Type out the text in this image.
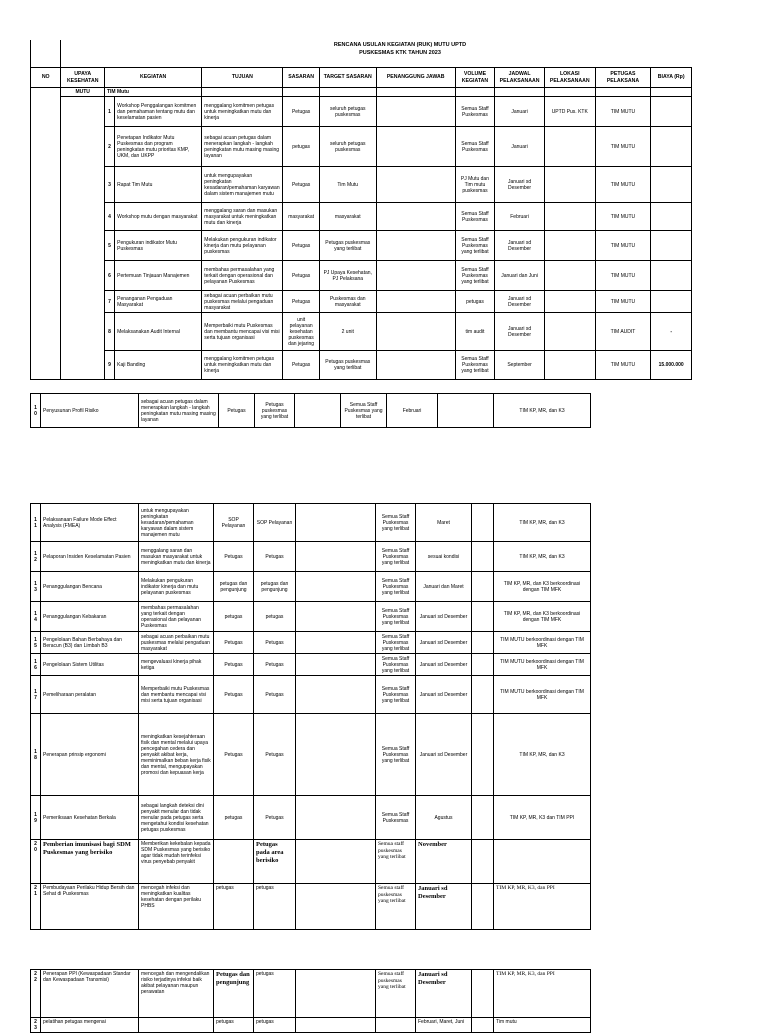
RENCANA USULAN KEGIATAN (RUK) MUTU UPTD
PUSKESMAS KTK TAHUN 2023
NO	UPAYA KESEHATAN	KEGIATAN		TUJUAN	SASARAN	TARGET SASARAN	PENANGGUNG JAWAB	VOLUME KEGIATAN	JADWAL PELAKSANAAN	LOKASI PELAKSANAAN	PETUGAS PELAKSANA	BIAYA (Rp)
	MUTU	TIM Mutu										
		1	Workshop Penggalangan komitmen dan pemahaman tentang mutu dan keselamatan pasien	menggalang komitmen petugas untuk meningkatkan mutu dan kinerja	Petugas	seluruh petugas puskesmas		Semua Staff Puskesmas	Januari	UPTD Pus. KTK	TIM MUTU	
		2	Penetapan Indikator Mutu Puskesmas dan program peningkatan mutu prioritas KMP, UKM, dan UKPP	sebagai acuan petugas dalam menerapkan langkah - langkah peningkatan mutu masing masing layanan	petugas	seluruh petugas puskesmas		Semua Staff Puskesmas	Januari		TIM MUTU	
		3	Rapat Tim Mutu	untuk mengupayakan peningkatan kesadaran/pemahaman karyawan dalam sistem manajemen mutu	Petugas	Tim Mutu		PJ Mutu dan Tim mutu puskesmas	Januari sd Desember		TIM MUTU	
		4	Workshop mutu dengan masyarakat	menggalang saran dan masukan masyarakat untuk meningkatkan mutu dan kinerja	masyarakat	masyarakat		Semua Staff Puskesmas	Februari		TIM MUTU	
		5	Pengukuran indikator Mutu Puskesmas	Melakukan pengukuran indikator kinerja dan mutu pelayanan puskesmas	Petugas	Petugas puskesmas yang terlibat		Semua Staff Puskesmas yang terlibat	Januari sd Desember		TIM MUTU	
		6	Pertemuan Tinjauan Manajemen	membahas permasalahan yang terkait dengan operasional dan pelayanan Puskesmas	Petugas	PJ Upaya Kesehatan, PJ Pelaksana		Semua Staff Puskesmas yang terlibat	Januari dan Juni		TIM MUTU	
		7	Penanganan Pengaduan Masyarakat	sebagai acuan perbaikan mutu puskesmas melalui pengaduan masyarakat	Petugas	Puskesmas dan masyarakat		petugas	Januari sd Desember		TIM MUTU	
		8	Melaksanakan Audit Internal	Memperbaiki mutu Puskesmas dan membantu mencapai visi misi serta tujuan organisasi	unit pelayanan kesehatan puskesmas dan jejaring	2 unit		tim audit	Januari sd Desember		TIM AUDIT	-
		9	Kaji Banding	menggalang komitmen petugas untuk meningkatkan mutu dan kinerja	Petugas	Petugas puskesmas yang terlibat		Semua Staff Puskesmas yang terlibat	September		TIM MUTU	15.000.000
10	Penyusunan Profil Risiko	sebagai acuan petugas dalam menerapkan langkah - langkah peningkatan mutu masing masing layanan	Petugas	Petugas puskesmas yang terlibat		Semua Staff Puskesmas yang terlibat	Februari		TIM KP, MR, dan K3
11	Pelaksanaan Failure Mode Effect Analysis (FMEA)	untuk mengupayakan peningkatan kesadaran/pemahaman karyawan dalam sistem manajemen mutu	SOP Pelayanan	SOP Pelayanan		Semua Staff Puskesmas yang terlibat	Maret		TIM KP, MR, dan K3
12	Pelaporan Insiden Keselamatan Pasien	menggalang saran dan masukan masyarakat untuk meningkatkan mutu dan kinerja	Petugas	Petugas		Semua Staff Puskesmas yang terlibat	sesuai kondisi		TIM KP, MR, dan K3
13	Penanggulangan Bencana	Melakukan pengukuran indikator kinerja dan mutu pelayanan puskesmas	petugas dan pengunjung	petugas dan pengunjung		Semua Staff Puskesmas yang terlibat	Januari dan Maret		TIM KP, MR, dan K3 berkoordinasi dengan TIM MFK
14	Penanggulangan Kebakaran	membahas permasalahan yang terkait dengan operasional dan pelayanan Puskesmas	petugas	petugas		Semua Staff Puskesmas yang terlibat	Januari sd Desember		TIM KP, MR, dan K3 berkoordinasi dengan TIM MFK
15	Pengelolaan Bahan Berbahaya dan Beracun (B3) dan Limbah B3	sebagai acuan perbaikan mutu puskesmas melalui pengaduan masyarakat	Petugas	Petugas		Semua Staff Puskesmas yang terlibat	Januari sd Desember		TIM MUTU berkoordinasi dengan TIM MFK
16	Pengelolaan Sistem Utilitas	mengevaluasi kinerja pihak ketiga	Petugas	Petugas		Semua Staff Puskesmas yang terlibat	Januari sd Desember		TIM MUTU berkoordinasi dengan TIM MFK
17	Pemeliharaan peralatan	Memperbaiki mutu Puskesmas dan membantu mencapai visi misi serta tujuan organisasi	Petugas	Petugas		Semua Staff Puskesmas yang terlibat	Januari sd Desember		TIM MUTU berkoordinasi dengan TIM MFK
18	Penerapan prinsip ergonomi	meningkatkan kesejahteraan fisik dan mental melalui upaya pencegahan cedera dan penyakit akibat kerja, meminimalkan beban kerja fisik dan mental, mengupayakan promosi dan kepuasan kerja	Petugas	Petugas		Semua Staff Puskesmas yang terlibat	Januari sd Desember		TIM KP, MR, dan K3
19	Pemeriksaan Kesehatan Berkala	sebagai langkah deteksi dini penyakit menular dan tidak menular pada petugas serta mengetahui kondisi kesehatan petugas puskesmas	petugas	Petugas		Semua Staff Puskesmas	Agustus		TIM KP, MR, K3 dan TIM PPI
20	Pemberian imunisasi bagi SDM Puskesmas yang berisiko	Memberikan kekebalan kepada SDM Puskesmas yang berisiko agar tidak mudah terinfeksi virus penyebab penyakit		Petugas pada area berisiko		Semua staff puskesmas yang terlibat	November		
21	Pembudayaan Perilaku Hidup Bersih dan Sehat di Puskesmas	mencegah infeksi dan meningkatkan kualitas kesehatan dengan perilaku PHBS	petugas	petugas		Semua staff puskesmas yang terlibat	Januari sd Desember		TIM KP, MR, K3, dan PPI
22	Penerapan PPI (Kewaspadaan Standar dan Kewaspadaan Transmisi)	mencegah dan mengendalikan risiko terjadinya infeksi baik akibat pelayanan maupun perawatan	Petugas dan pengunjung	petugas		Semua staff puskesmas yang terlibat	Januari sd Desember		TIM KP, MR, K3, dan PPI
23	pelatihan petugas mengenai		petugas	petugas			Februari, Maret, Juni		Tim mutu
